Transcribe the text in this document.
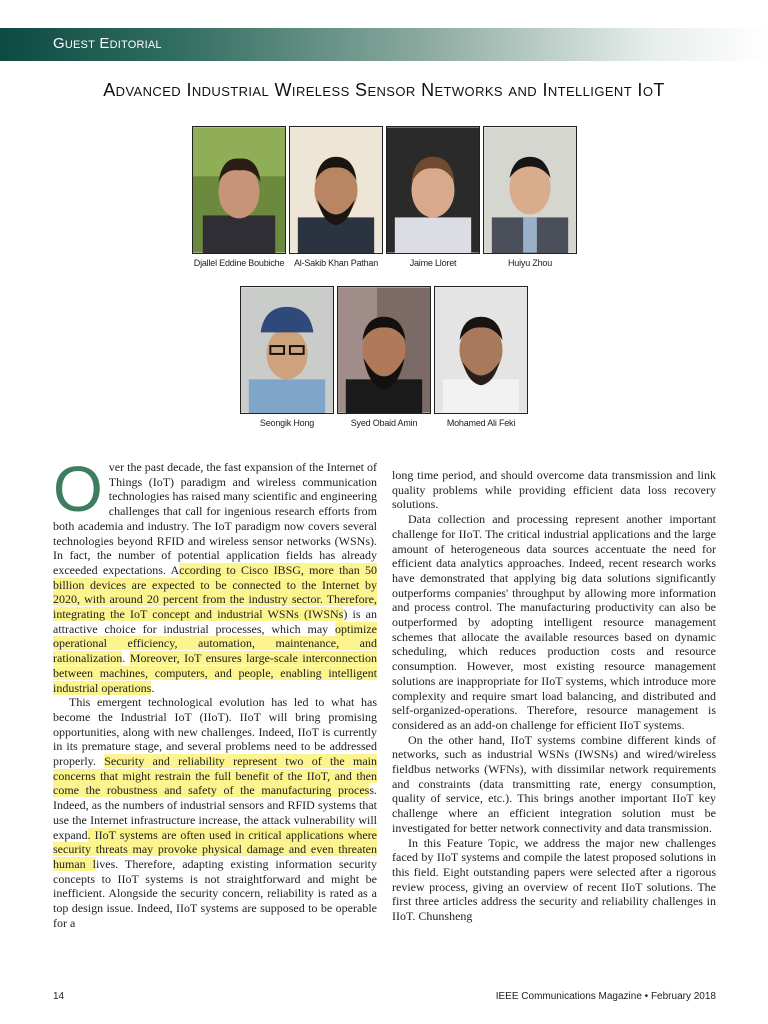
Guest Editorial
Advanced Industrial Wireless Sensor Networks and Intelligent IoT
Djallel Eddine Boubiche	Al-Sakib Khan Pathan	Jaime Lloret	Huiyu Zhou
Seongik Hong	Syed Obaid Amin	Mohamed Ali Feki

Over the past decade, the fast expansion of the Internet of Things (IoT) paradigm and wireless communication technologies has raised many scientific and engineering challenges that call for ingenious research efforts from both academia and industry. The IoT paradigm now covers several technologies beyond RFID and wireless sensor networks (WSNs). In fact, the number of potential application fields has already exceeded expectations. According to Cisco IBSG, more than 50 billion devices are expected to be connected to the Internet by 2020, with around 20 percent from the industry sector. Therefore, integrating the IoT concept and industrial WSNs (IWSNs) is an attractive choice for industrial processes, which may optimize operational efficiency, automation, maintenance, and rationalization. Moreover, IoT ensures large-scale interconnection between machines, computers, and people, enabling intelligent industrial operations.

This emergent technological evolution has led to what has become the Industrial IoT (IIoT). IIoT will bring promising opportunities, along with new challenges. Indeed, IIoT is currently in its premature stage, and several problems need to be addressed properly. Security and reliability represent two of the main concerns that might restrain the full benefit of the IIoT, and then come the robustness and safety of the manufacturing process. Indeed, as the numbers of industrial sensors and RFID systems that use the Internet infrastructure increase, the attack vulnerability will expand. IIoT systems are often used in critical applications where security threats may provoke physical damage and even threaten human lives. Therefore, adapting existing information security concepts to IIoT systems is not straightforward and might be inefficient. Alongside the security concern, reliability is rated as a top design issue. Indeed, IIoT systems are supposed to be operable for a

long time period, and should overcome data transmission and link quality problems while providing efficient data loss recovery solutions.

Data collection and processing represent another important challenge for IIoT. The critical industrial applications and the large amount of heterogeneous data sources accentuate the need for efficient data analytics approaches. Indeed, recent research works have demonstrated that applying big data solutions significantly outperforms companies' throughput by allowing more information and process control. The manufacturing productivity can also be outperformed by adopting intelligent resource management schemes that allocate the available resources based on dynamic scheduling, which reduces production costs and resource consumption. However, most existing resource management solutions are inappropriate for IIoT systems, which introduce more complexity and require smart load balancing, and distributed and self-organized-operations. Therefore, resource management is considered as an add-on challenge for efficient IIoT systems.

On the other hand, IIoT systems combine different kinds of networks, such as industrial WSNs (IWSNs) and wired/wireless fieldbus networks (WFNs), with dissimilar network requirements and constraints (data transmitting rate, energy consumption, quality of service, etc.). This brings another important IIoT key challenge where an efficient integration solution must be investigated for better network connectivity and data transmission.

In this Feature Topic, we address the major new challenges faced by IIoT systems and compile the latest proposed solutions in this field. Eight outstanding papers were selected after a rigorous review process, giving an overview of recent IIoT solutions. The first three articles address the security and reliability challenges in IIoT. Chunsheng

14	IEEE Communications Magazine • February 2018
